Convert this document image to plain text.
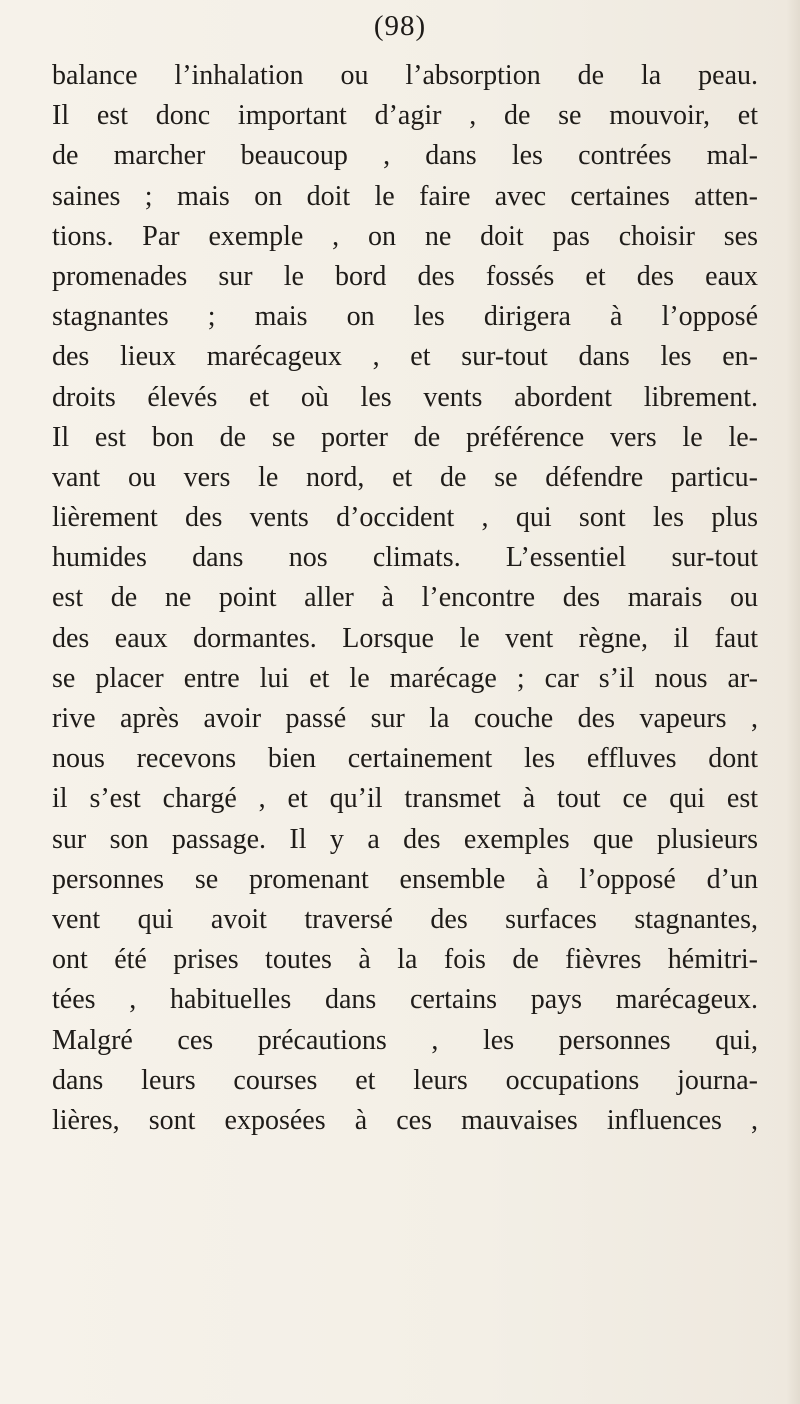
(98)
balance l’inhalation ou l’absorption de la peau.
Il est donc important d’agir , de se mouvoir, et
de marcher beaucoup , dans les contrées mal-
saines ; mais on doit le faire avec certaines atten-
tions. Par exemple , on ne doit pas choisir ses
promenades sur le bord des fossés et des eaux
stagnantes ; mais on les dirigera à l’opposé
des lieux marécageux , et sur-tout dans les en-
droits élevés et où les vents abordent librement.
Il est bon de se porter de préférence vers le le-
vant ou vers le nord, et de se défendre particu-
lièrement des vents d’occident , qui sont les plus
humides dans nos climats. L’essentiel sur-tout
est de ne point aller à l’encontre des marais ou
des eaux dormantes. Lorsque le vent règne, il faut
se placer entre lui et le marécage ; car s’il nous ar-
rive après avoir passé sur la couche des vapeurs ,
nous recevons bien certainement les effluves dont
il s’est chargé , et qu’il transmet à tout ce qui est
sur son passage. Il y a des exemples que plusieurs
personnes se promenant ensemble à l’opposé d’un
vent qui avoit traversé des surfaces stagnantes,
ont été prises toutes à la fois de fièvres hémitri-
tées , habituelles dans certains pays marécageux.
Malgré ces précautions , les personnes qui,
dans leurs courses et leurs occupations journa-
lières, sont exposées à ces mauvaises influences ,
